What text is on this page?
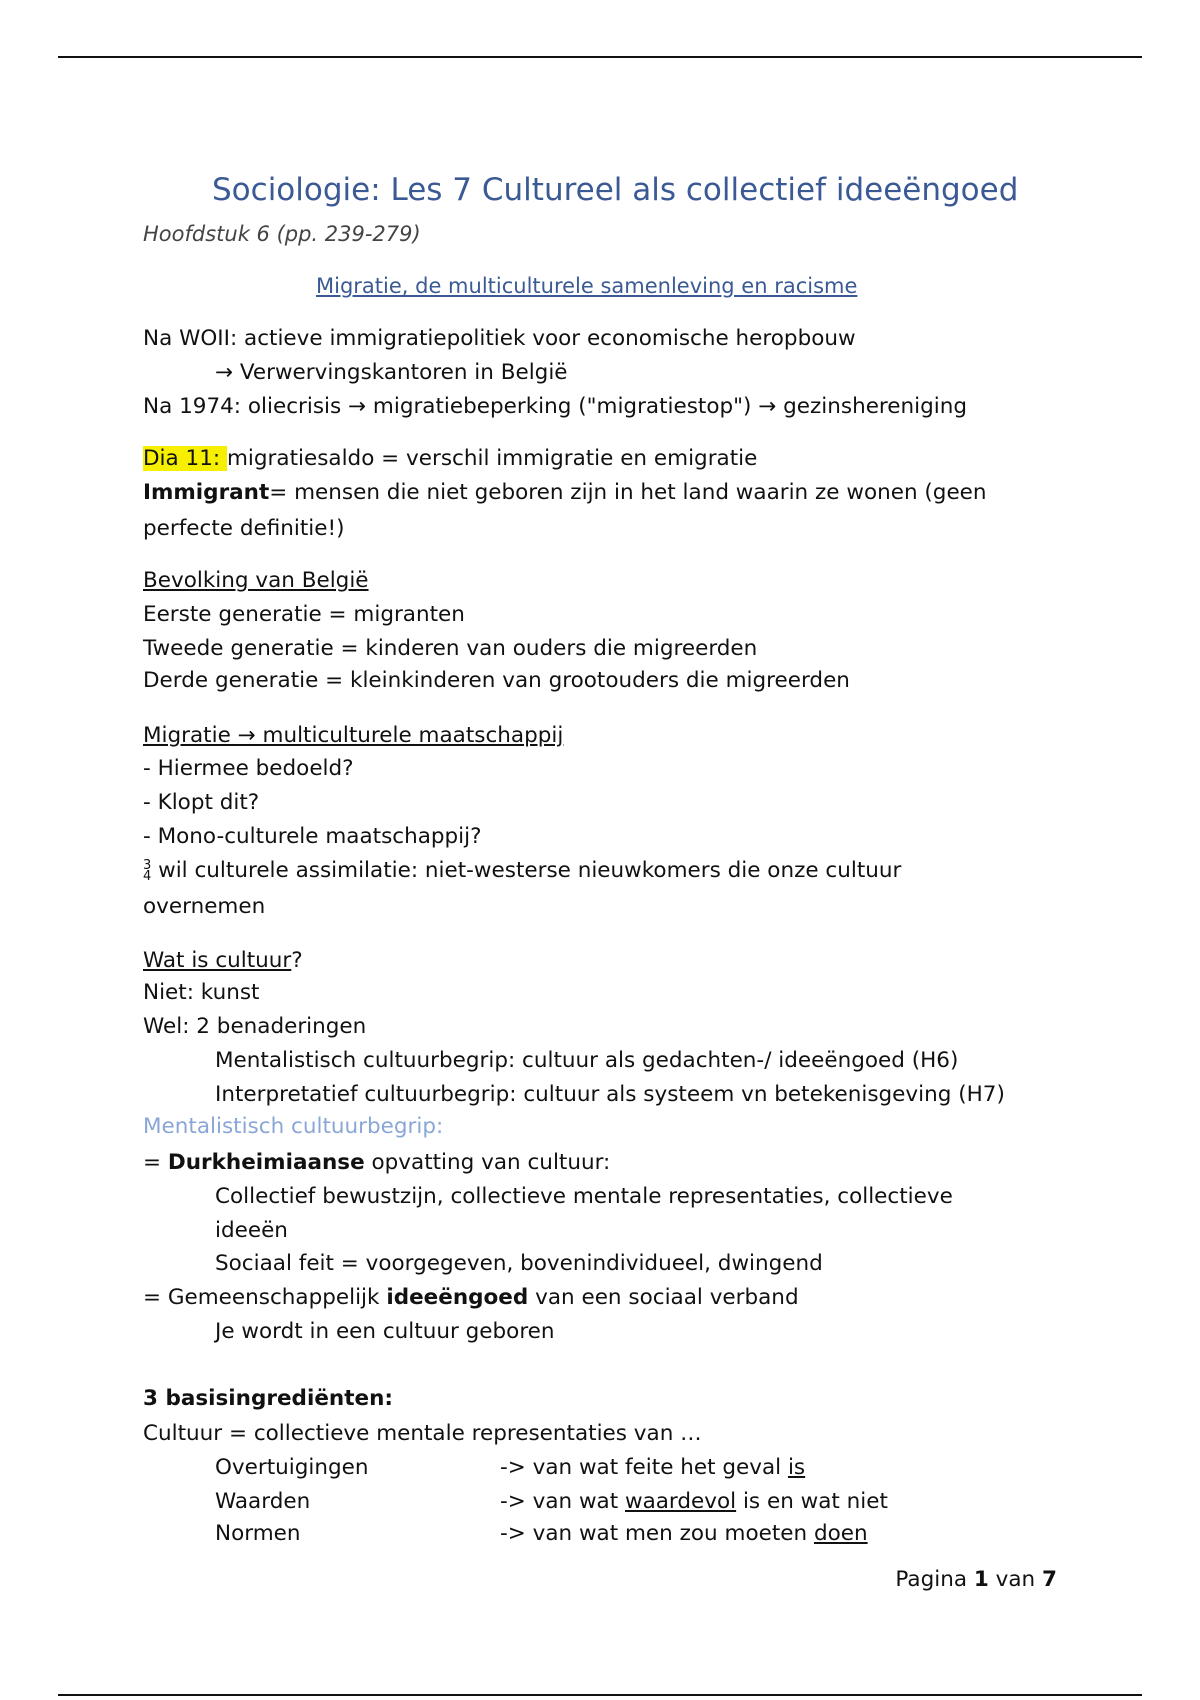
Sociologie: Les 7 Cultureel als collectief ideeëngoed
Hoofdstuk 6 (pp. 239-279)
Migratie, de multiculturele samenleving en racisme
Na WOII: actieve immigratiepolitiek voor economische heropbouw
→ Verwervingskantoren in België
Na 1974: oliecrisis → migratiebeperking ("migratiestop") → gezinshereniging
Dia 11: migratiesaldo = verschil immigratie en emigratie
Immigrant= mensen die niet geboren zijn in het land waarin ze wonen (geen
perfecte definitie!)
Bevolking van België
Eerste generatie = migranten
Tweede generatie = kinderen van ouders die migreerden
Derde generatie = kleinkinderen van grootouders die migreerden
Migratie → multiculturele maatschappij
- Hiermee bedoeld?
- Klopt dit?
- Mono-culturele maatschappij?
3
4 wil culturele assimilatie: niet-westerse nieuwkomers die onze cultuur
overnemen
Wat is cultuur?
Niet: kunst
Wel: 2 benaderingen
Mentalistisch cultuurbegrip: cultuur als gedachten-/ ideeëngoed (H6)
Interpretatief cultuurbegrip: cultuur als systeem vn betekenisgeving (H7)
Mentalistisch cultuurbegrip:
= Durkheimiaanse opvatting van cultuur:
Collectief bewustzijn, collectieve mentale representaties, collectieve
ideeën
Sociaal feit = voorgegeven, bovenindividueel, dwingend
= Gemeenschappelijk ideeëngoed van een sociaal verband
Je wordt in een cultuur geboren
3 basisingrediënten:
Cultuur = collectieve mentale representaties van …
Overtuigingen	-> van wat feite het geval is
Waarden	-> van wat waardevol is en wat niet
Normen	-> van wat men zou moeten doen
Pagina 1 van 7
